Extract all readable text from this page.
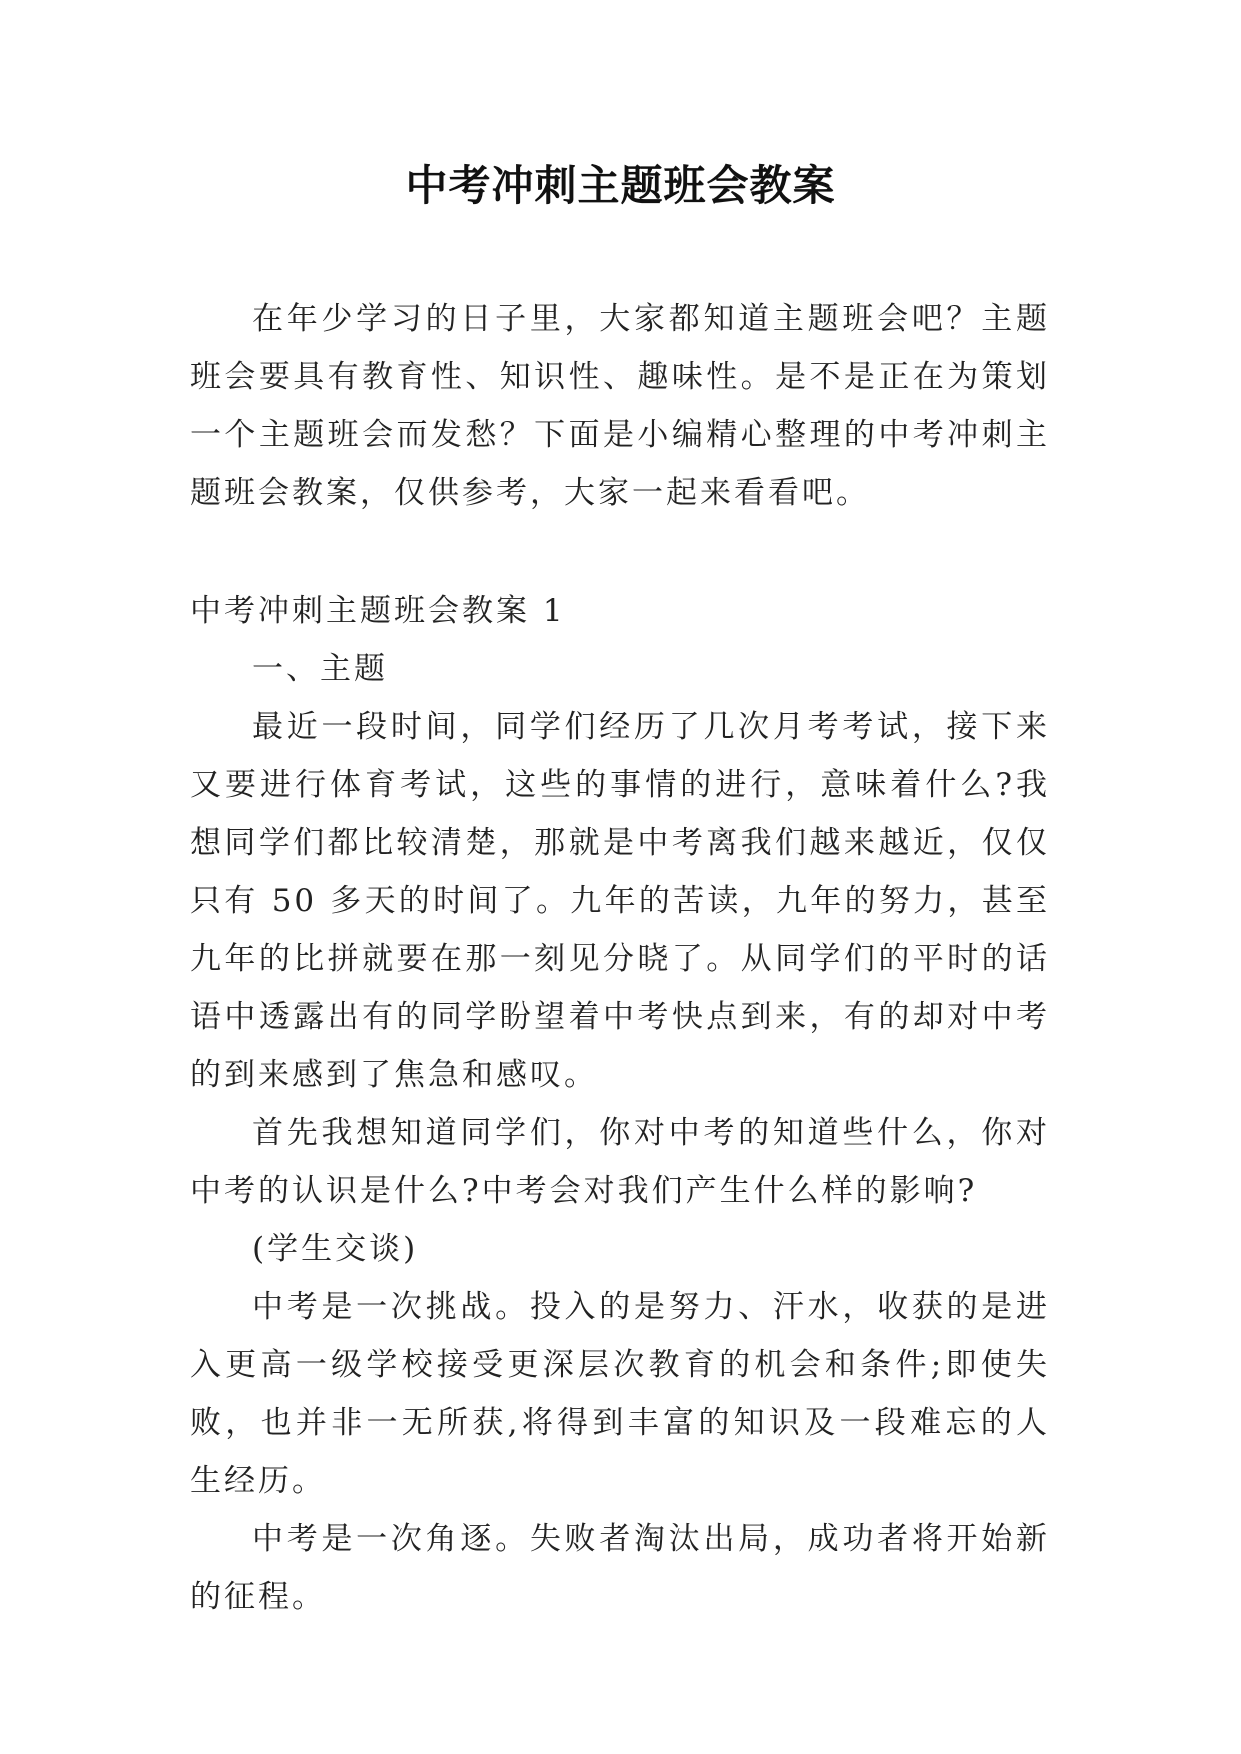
中考冲刺主题班会教案

在年少学习的日子里，大家都知道主题班会吧？主题班会要具有教育性、知识性、趣味性。是不是正在为策划一个主题班会而发愁？下面是小编精心整理的中考冲刺主题班会教案，仅供参考，大家一起来看看吧。

中考冲刺主题班会教案 1

一、主题

最近一段时间，同学们经历了几次月考考试，接下来又要进行体育考试，这些的事情的进行，意味着什么?我想同学们都比较清楚，那就是中考离我们越来越近，仅仅只有 50 多天的时间了。九年的苦读，九年的努力，甚至九年的比拼就要在那一刻见分晓了。从同学们的平时的话语中透露出有的同学盼望着中考快点到来，有的却对中考的到来感到了焦急和感叹。

首先我想知道同学们，你对中考的知道些什么，你对中考的认识是什么?中考会对我们产生什么样的影响?

(学生交谈)

中考是一次挑战。投入的是努力、汗水，收获的是进入更高一级学校接受更深层次教育的机会和条件;即使失败，也并非一无所获,将得到丰富的知识及一段难忘的人生经历。

中考是一次角逐。失败者淘汰出局，成功者将开始新的征程。
